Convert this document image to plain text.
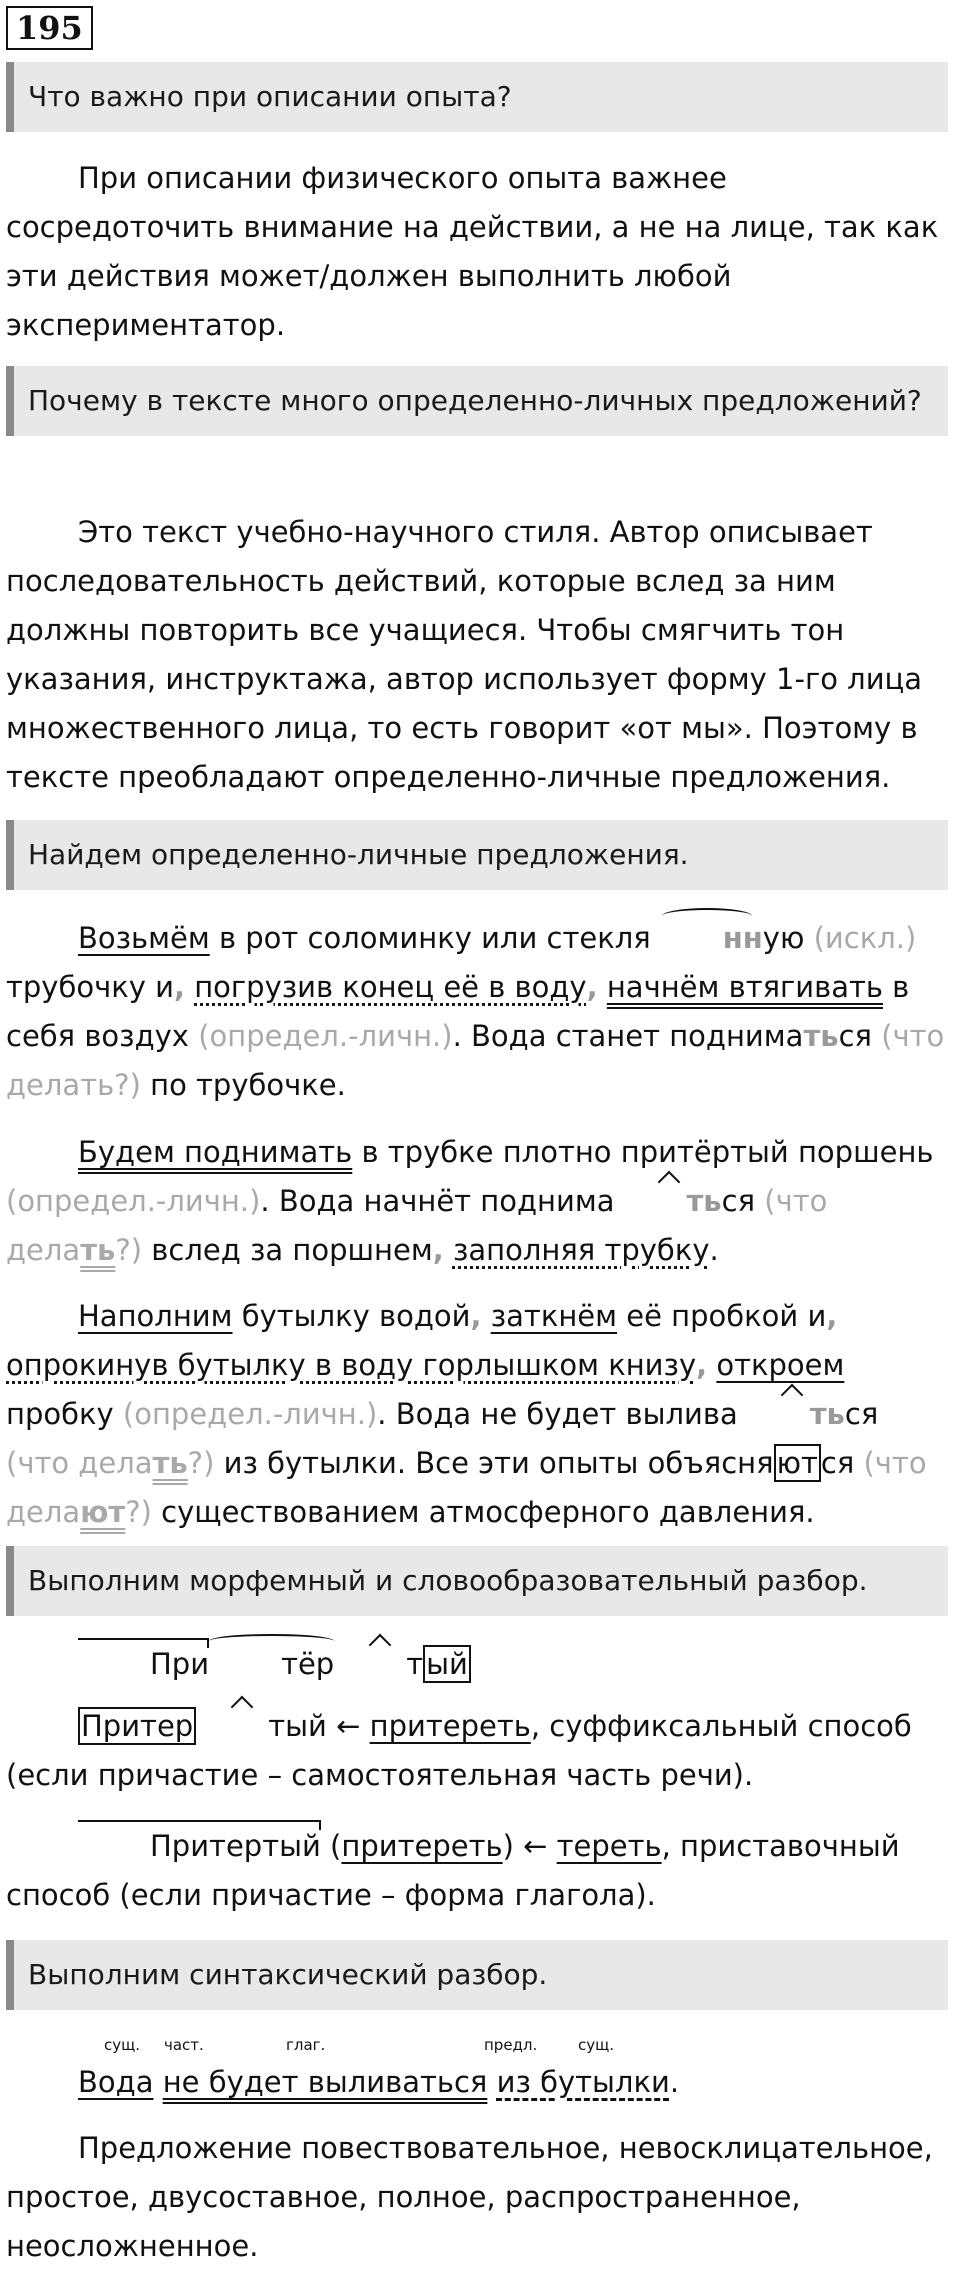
195
Что важно при описании опыта?
При описании физического опыта важнее сосредоточить внимание на действии, а не на лице, так как эти действия может/должен выполнить любой экспериментатор.
Почему в тексте много определенно-личных предложений?
Это текст учебно-научного стиля. Автор описывает последовательность действий, которые вслед за ним должны повторить все учащиеся. Чтобы смягчить тон указания, инструктажа, автор использует форму 1-го лица множественного лица, то есть говорит «от мы». Поэтому в тексте преобладают определенно-личные предложения.
Найдем определенно-личные предложения.
Возьмём в рот соломинку или стекля нную (искл.) трубочку и, погрузив конец её в воду, начнём втягивать в себя воздух (определ.-личн.). Вода станет подниматься (что делать?) по трубочке.
Будем поднимать в трубке плотно притёртый поршень (определ.-личн.). Вода начнёт поднима ться (что делать?) вслед за поршнем, заполняя трубку.
Наполним бутылку водой, заткнём её пробкой и, опрокинув бутылку в воду горлышком книзу, откроем пробку (определ.-личн.). Вода не будет вылива ться (что делать?) из бутылки. Все эти опыты объясня ют ся (что делают?) существованием атмосферного давления.
Выполним морфемный и словообразовательный разбор.
При тёр т ый
Притер	тый ← притереть, суффиксальный способ (если причастие – самостоятельная часть речи).
Притертый (притереть) ← тереть, приставочный способ (если причастие – форма глагола).
Выполним синтаксический разбор.
сущ. част.	глаг.	предл.	сущ.
Вода не будет выливаться из бутылки.
Предложение повествовательное, невосклицательное, простое, двусоставное, полное, распространенное, неосложненное.
